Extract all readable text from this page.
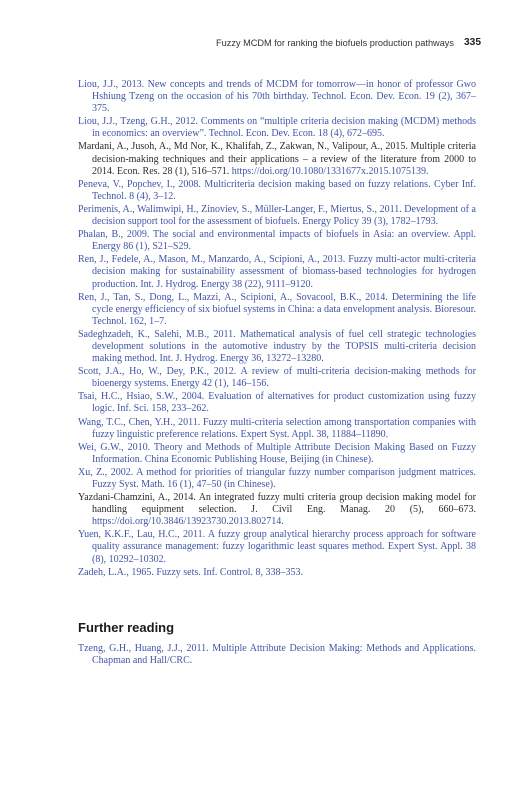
Fuzzy MCDM for ranking the biofuels production pathways 335

Liou, J.J., 2013. New concepts and trends of MCDM for tomorrow—in honor of professor Gwo Hshiung Tzeng on the occasion of his 70th birthday. Technol. Econ. Dev. Econ. 19 (2), 367–375.

Liou, J.J., Tzeng, G.H., 2012. Comments on “multiple criteria decision making (MCDM) methods in economics: an overview”. Technol. Econ. Dev. Econ. 18 (4), 672–695.

Mardani, A., Jusoh, A., Md Nor, K., Khalifah, Z., Zakwan, N., Valipour, A., 2015. Multiple criteria decision-making techniques and their applications – a review of the literature from 2000 to 2014. Econ. Res. 28 (1), 516–571. https://doi.org/10.1080/1331677x.2015.1075139.

Peneva, V., Popchev, I., 2008. Multicriteria decision making based on fuzzy relations. Cyber Inf. Technol. 8 (4), 3–12.

Perimenis, A., Walimwipi, H., Zinoviev, S., Müller-Langer, F., Miertus, S., 2011. Development of a decision support tool for the assessment of biofuels. Energy Policy 39 (3), 1782–1793.

Phalan, B., 2009. The social and environmental impacts of biofuels in Asia: an overview. Appl. Energy 86 (1), S21–S29.

Ren, J., Fedele, A., Mason, M., Manzardo, A., Scipioni, A., 2013. Fuzzy multi-actor multi-criteria decision making for sustainability assessment of biomass-based technologies for hydrogen production. Int. J. Hydrog. Energy 38 (22), 9111–9120.

Ren, J., Tan, S., Dong, L., Mazzi, A., Scipioni, A., Sovacool, B.K., 2014. Determining the life cycle energy efficiency of six biofuel systems in China: a data envelopment analysis. Bioresour. Technol. 162, 1–7.

Sadeghzadeh, K., Salehi, M.B., 2011. Mathematical analysis of fuel cell strategic technologies development solutions in the automotive industry by the TOPSIS multi-criteria decision making method. Int. J. Hydrog. Energy 36, 13272–13280.

Scott, J.A., Ho, W., Dey, P.K., 2012. A review of multi-criteria decision-making methods for bioenergy systems. Energy 42 (1), 146–156.

Tsai, H.C., Hsiao, S.W., 2004. Evaluation of alternatives for product customization using fuzzy logic. Inf. Sci. 158, 233–262.

Wang, T.C., Chen, Y.H., 2011. Fuzzy multi-criteria selection among transportation companies with fuzzy linguistic preference relations. Expert Syst. Appl. 38, 11884–11890.

Wei, G.W., 2010. Theory and Methods of Multiple Attribute Decision Making Based on Fuzzy Information. China Economic Publishing House, Beijing (in Chinese).

Xu, Z., 2002. A method for priorities of triangular fuzzy number comparison judgment matrices. Fuzzy Syst. Math. 16 (1), 47–50 (in Chinese).

Yazdani-Chamzini, A., 2014. An integrated fuzzy multi criteria group decision making model for handling equipment selection. J. Civil Eng. Manag. 20 (5), 660–673. https://doi.org/10.3846/13923730.2013.802714.

Yuen, K.K.F., Lau, H.C., 2011. A fuzzy group analytical hierarchy process approach for software quality assurance management: fuzzy logarithmic least squares method. Expert Syst. Appl. 38 (8), 10292–10302.

Zadeh, L.A., 1965. Fuzzy sets. Inf. Control. 8, 338–353.

Further reading

Tzeng, G.H., Huang, J.J., 2011. Multiple Attribute Decision Making: Methods and Applications. Chapman and Hall/CRC.
